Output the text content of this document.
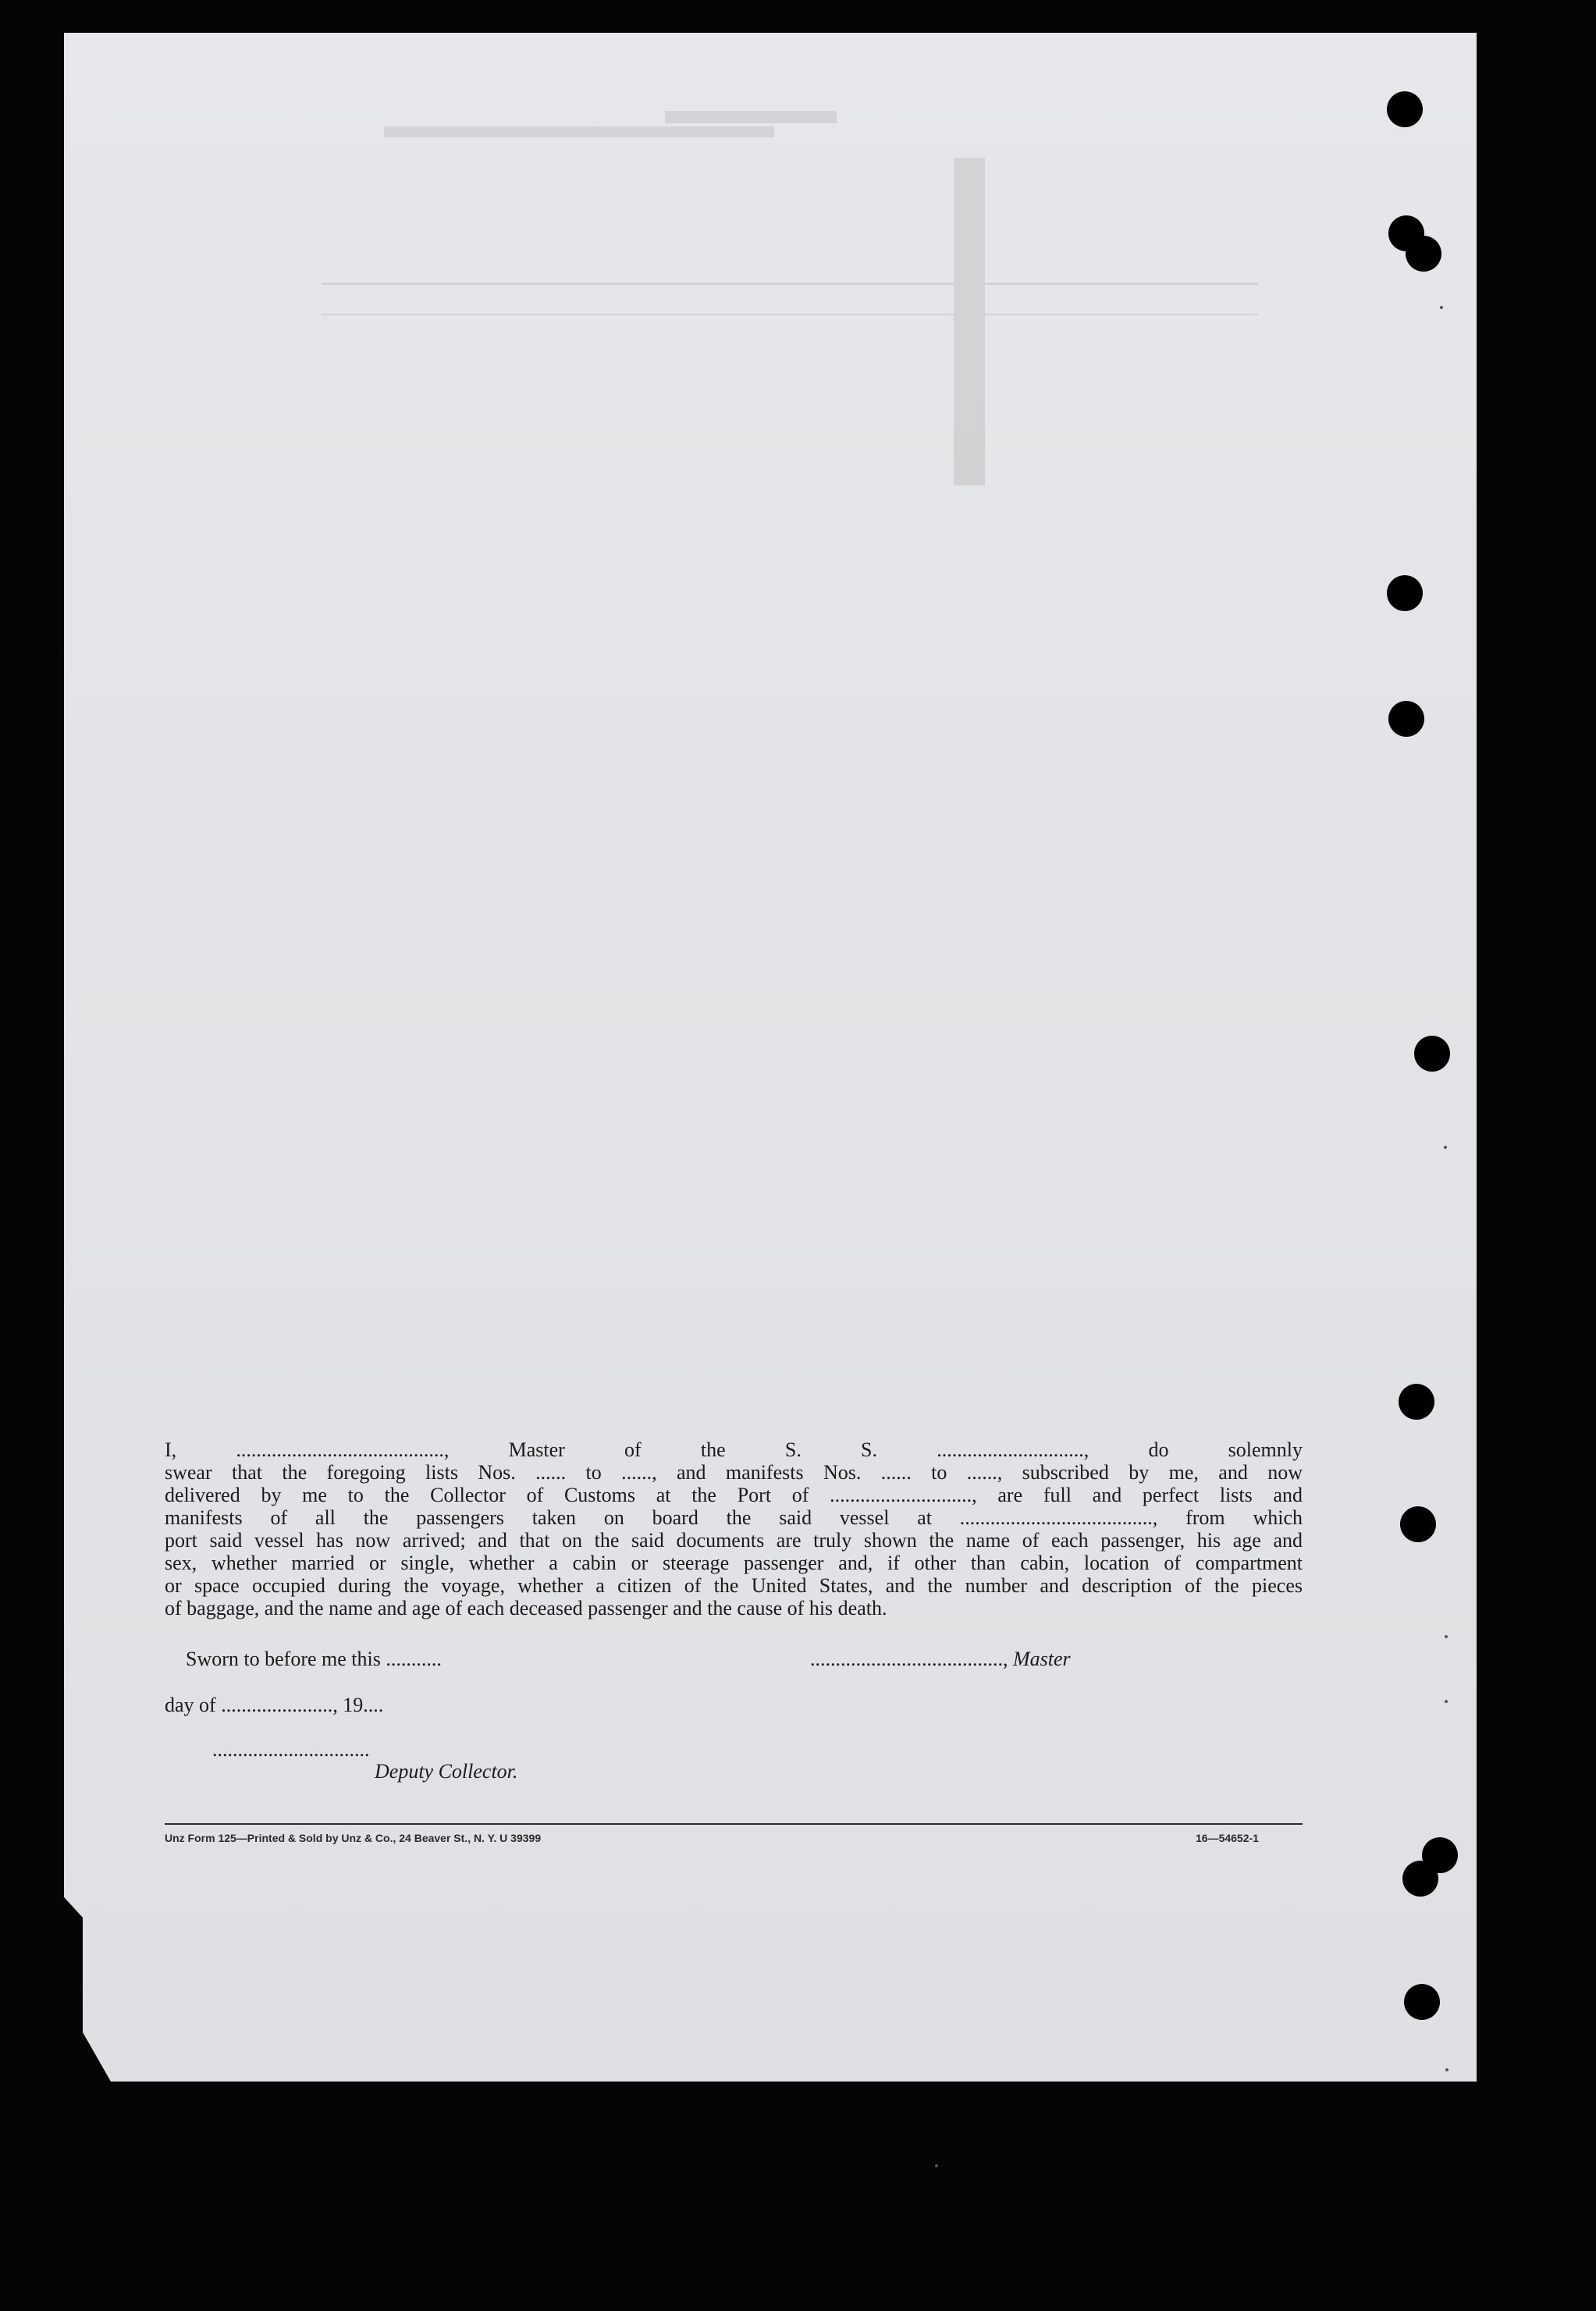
I, ........................................., Master of the S. S. ............................., do solemnly
swear that the foregoing lists Nos. ...... to ......, and manifests Nos. ...... to ......, subscribed by me, and now
delivered by me to the Collector of Customs at the Port of ............................, are full and perfect lists and
manifests of all the passengers taken on board the said vessel at ......................................, from which
port said vessel has now arrived; and that on the said documents are truly shown the name of each passenger, his age and
sex, whether married or single, whether a cabin or steerage passenger and, if other than cabin, location of compartment
or space occupied during the voyage, whether a citizen of the United States, and the number and description of the pieces
of baggage, and the name and age of each deceased passenger and the cause of his death.

Sworn to before me this ...........	......................................, Master
day of ......................, 19....
...............................
Deputy Collector.
Unz Form 125—Printed & Sold by Unz & Co., 24 Beaver St., N. Y. U 39399	16—54652-1
